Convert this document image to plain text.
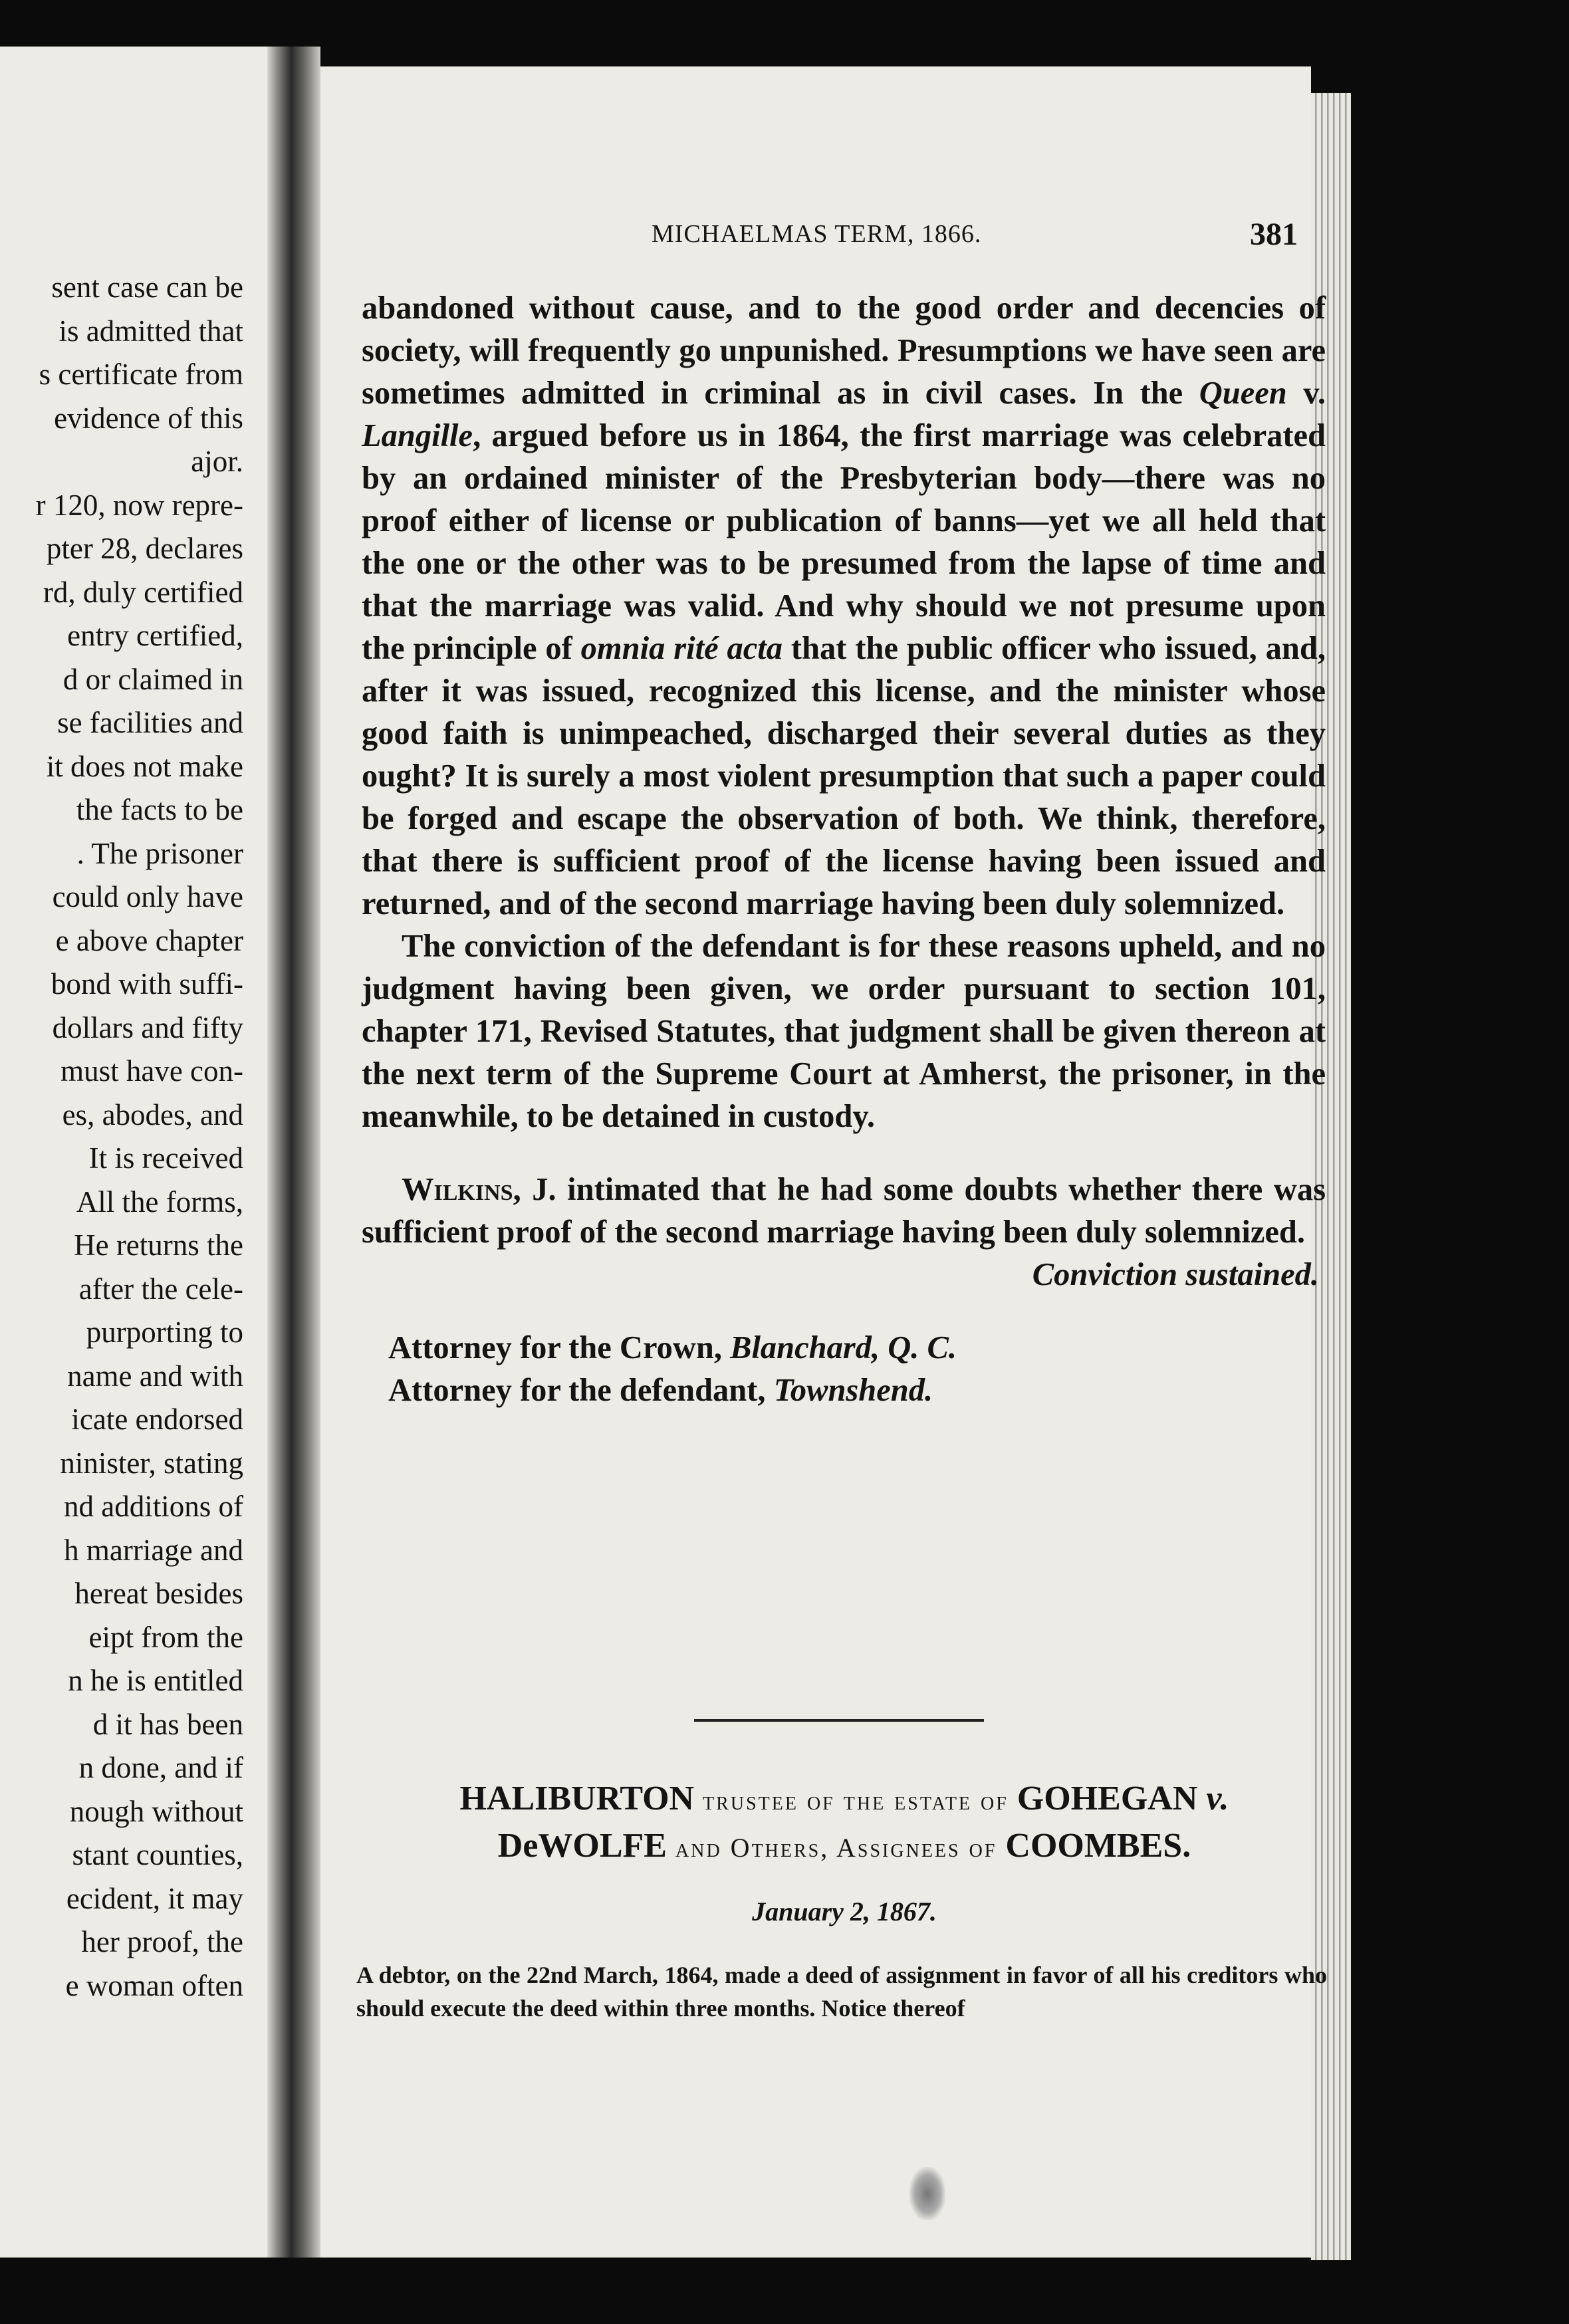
sent case can be
is admitted that
s certificate from
evidence of this
ajor.
r 120, now repre-
pter 28, declares
rd, duly certified
entry certified,
d or claimed in
se facilities and
it does not make
the facts to be
. The prisoner
could only have
e above chapter
bond with suffi-
dollars and fifty
must have con-
es, abodes, and
It is received
All the forms,
He returns the
after the cele-
purporting to
name and with
icate endorsed
ninister, stating
nd additions of
h marriage and
hereat besides
eipt from the
n he is entitled
d it has been
n done, and if
nough without
stant counties,
ecident, it may
her proof, the
e woman often
MICHAELMAS TERM, 1866.	381

abandoned without cause, and to the good order and decencies of society, will frequently go unpunished. Presumptions we have seen are sometimes admitted in criminal as in civil cases. In the Queen v. Langille, argued before us in 1864, the first marriage was celebrated by an ordained minister of the Presbyterian body—there was no proof either of license or publication of banns—yet we all held that the one or the other was to be presumed from the lapse of time and that the marriage was valid. And why should we not presume upon the principle of omnia rité acta that the public officer who issued, and, after it was issued, recognized this license, and the minister whose good faith is unimpeached, discharged their several duties as they ought? It is surely a most violent presumption that such a paper could be forged and escape the observation of both. We think, therefore, that there is sufficient proof of the license having been issued and returned, and of the second marriage having been duly solemnized.

The conviction of the defendant is for these reasons upheld, and no judgment having been given, we order pursuant to section 101, chapter 171, Revised Statutes, that judgment shall be given thereon at the next term of the Supreme Court at Amherst, the prisoner, in the meanwhile, to be detained in custody.

Wilkins, J. intimated that he had some doubts whether there was sufficient proof of the second marriage having been duly solemnized.

Conviction sustained.

Attorney for the Crown, Blanchard, Q. C.

Attorney for the defendant, Townshend.

HALIBURTON trustee of the estate of GOHEGAN v.
DeWOLFE and Others, Assignees of COOMBES.
January 2, 1867.
A debtor, on the 22nd March, 1864, made a deed of assignment in favor of all his creditors who should execute the deed within three months. Notice thereof
